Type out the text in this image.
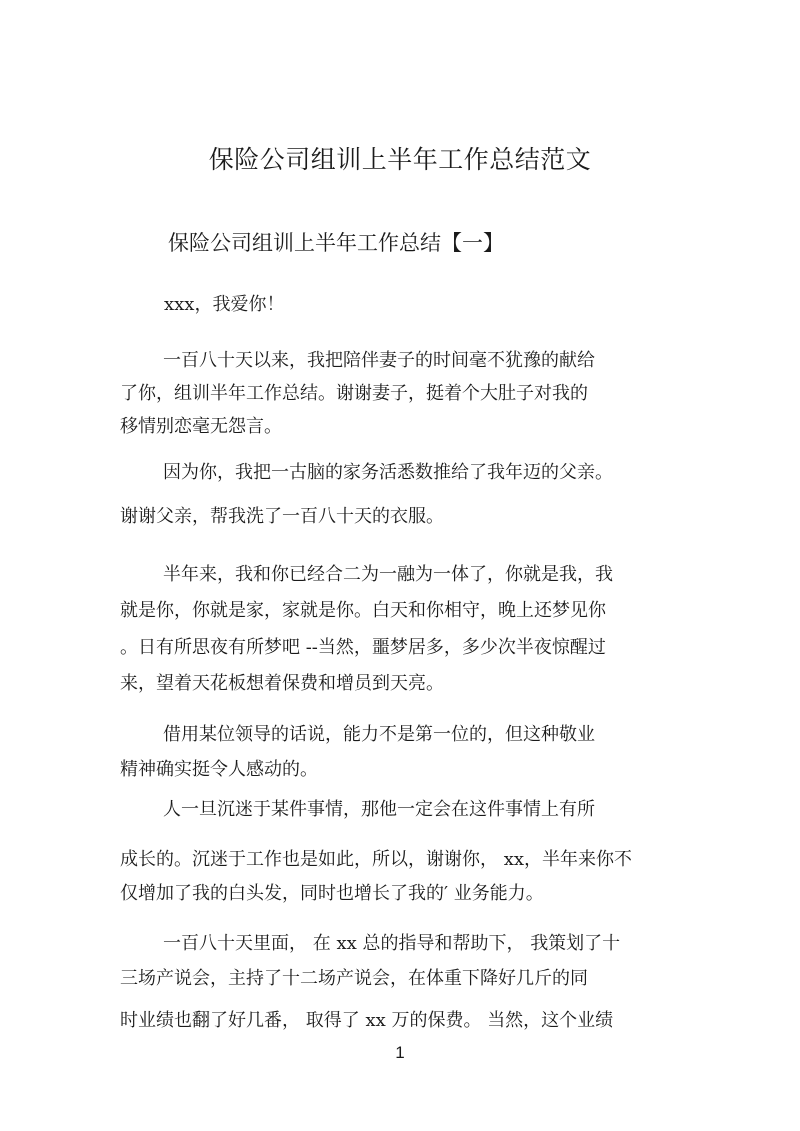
保险公司组训上半年工作总结范文
保险公司组训上半年工作总结【一】
xxx，我爱你！
一百八十天以来，我把陪伴妻子的时间毫不犹豫的献给
了你，组训半年工作总结。谢谢妻子，挺着个大肚子对我的
移情别恋毫无怨言。
因为你，我把一古脑的家务活悉数推给了我年迈的父亲。
谢谢父亲，帮我洗了一百八十天的衣服。
半年来，我和你已经合二为一融为一体了，你就是我，我
就是你，你就是家，家就是你。白天和你相守，晚上还梦见你
。日有所思夜有所梦吧 --当然，噩梦居多，多少次半夜惊醒过
来，望着天花板想着保费和增员到天亮。
借用某位领导的话说，能力不是第一位的，但这种敬业
精神确实挺令人感动的。
人一旦沉迷于某件事情，那他一定会在这件事情上有所
成长的。沉迷于工作也是如此，所以，谢谢你， xx，半年来你不
仅增加了我的白头发，同时也增长了我的′ 业务能力。
一百八十天里面， 在 xx 总的指导和帮助下， 我策划了十
三场产说会，主持了十二场产说会，在体重下降好几斤的同
时业绩也翻了好几番， 取得了 xx 万的保费。 当然，这个业绩
1
